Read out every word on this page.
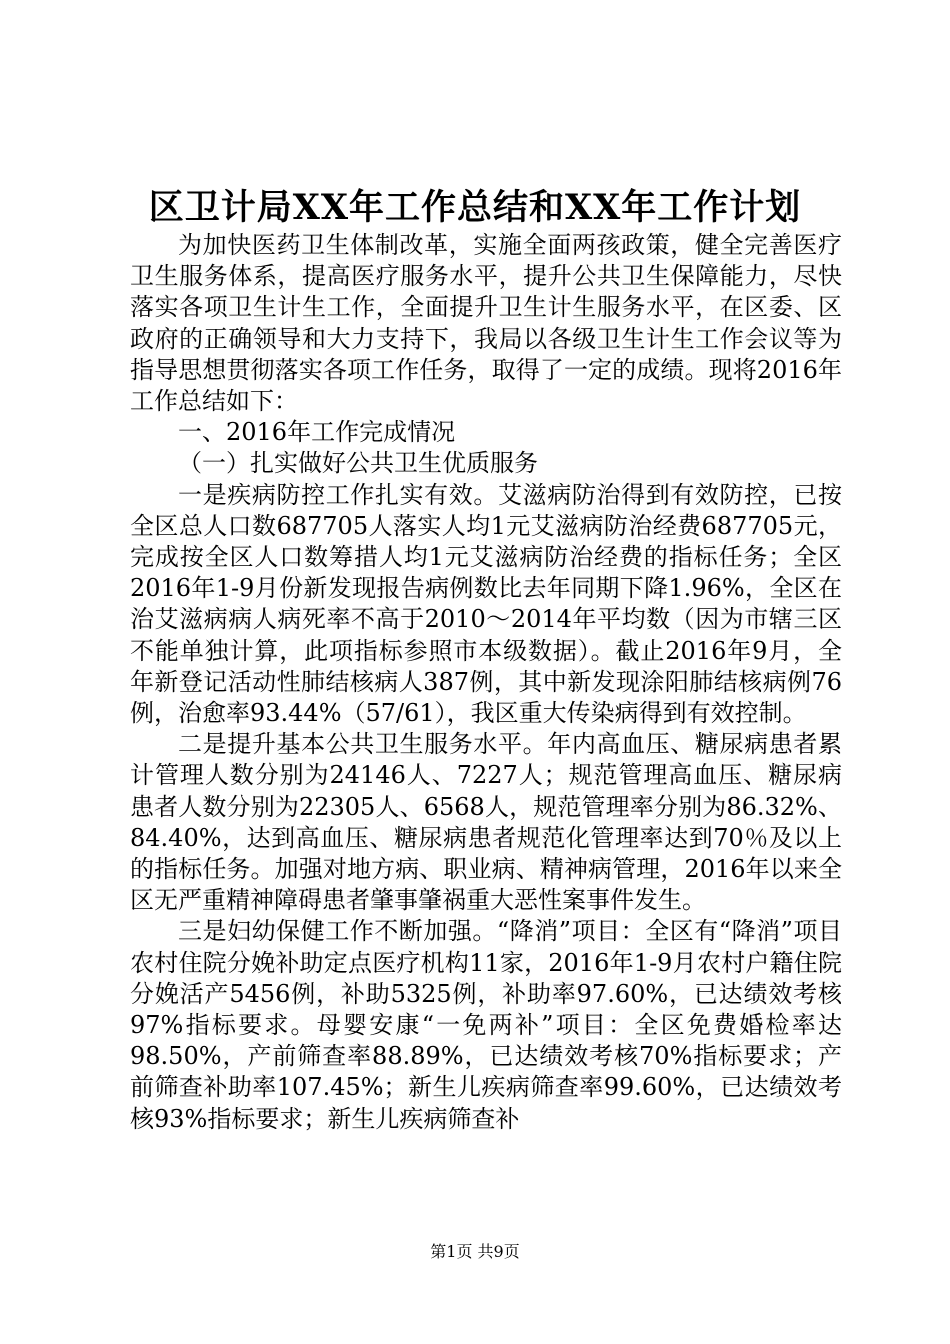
区卫计局XX年工作总结和XX年工作计划

为加快医药卫生体制改革，实施全面两孩政策，健全完善医疗卫生服务体系，提高医疗服务水平，提升公共卫生保障能力，尽快落实各项卫生计生工作，全面提升卫生计生服务水平，在区委、区政府的正确领导和大力支持下，我局以各级卫生计生工作会议等为指导思想贯彻落实各项工作任务，取得了一定的成绩。现将2016年工作总结如下：

一、2016年工作完成情况

（一）扎实做好公共卫生优质服务

一是疾病防控工作扎实有效。艾滋病防治得到有效防控，已按全区总人口数687705人落实人均1元艾滋病防治经费687705元，完成按全区人口数筹措人均1元艾滋病防治经费的指标任务；全区2016年1-9月份新发现报告病例数比去年同期下降1.96%，全区在治艾滋病病人病死率不高于2010～2014年平均数（因为市辖三区不能单独计算，此项指标参照市本级数据）。截止2016年9月，全年新登记活动性肺结核病人387例，其中新发现涂阳肺结核病例76例，治愈率93.44%（57/61），我区重大传染病得到有效控制。

二是提升基本公共卫生服务水平。年内高血压、糖尿病患者累计管理人数分别为24146人、7227人；规范管理高血压、糖尿病患者人数分别为22305人、6568人，规范管理率分别为86.32%、84.40%，达到高血压、糖尿病患者规范化管理率达到70％及以上的指标任务。加强对地方病、职业病、精神病管理，2016年以来全区无严重精神障碍患者肇事肇祸重大恶性案事件发生。

三是妇幼保健工作不断加强。“降消”项目：全区有“降消”项目农村住院分娩补助定点医疗机构11家，2016年1-9月农村户籍住院分娩活产5456例，补助5325例，补助率97.60%，已达绩效考核97%指标要求。母婴安康“一免两补”项目：全区免费婚检率达98.50%，产前筛查率88.89%，已达绩效考核70%指标要求；产前筛查补助率107.45%；新生儿疾病筛查率99.60%，已达绩效考核93%指标要求；新生儿疾病筛查补

第1页 共9页
